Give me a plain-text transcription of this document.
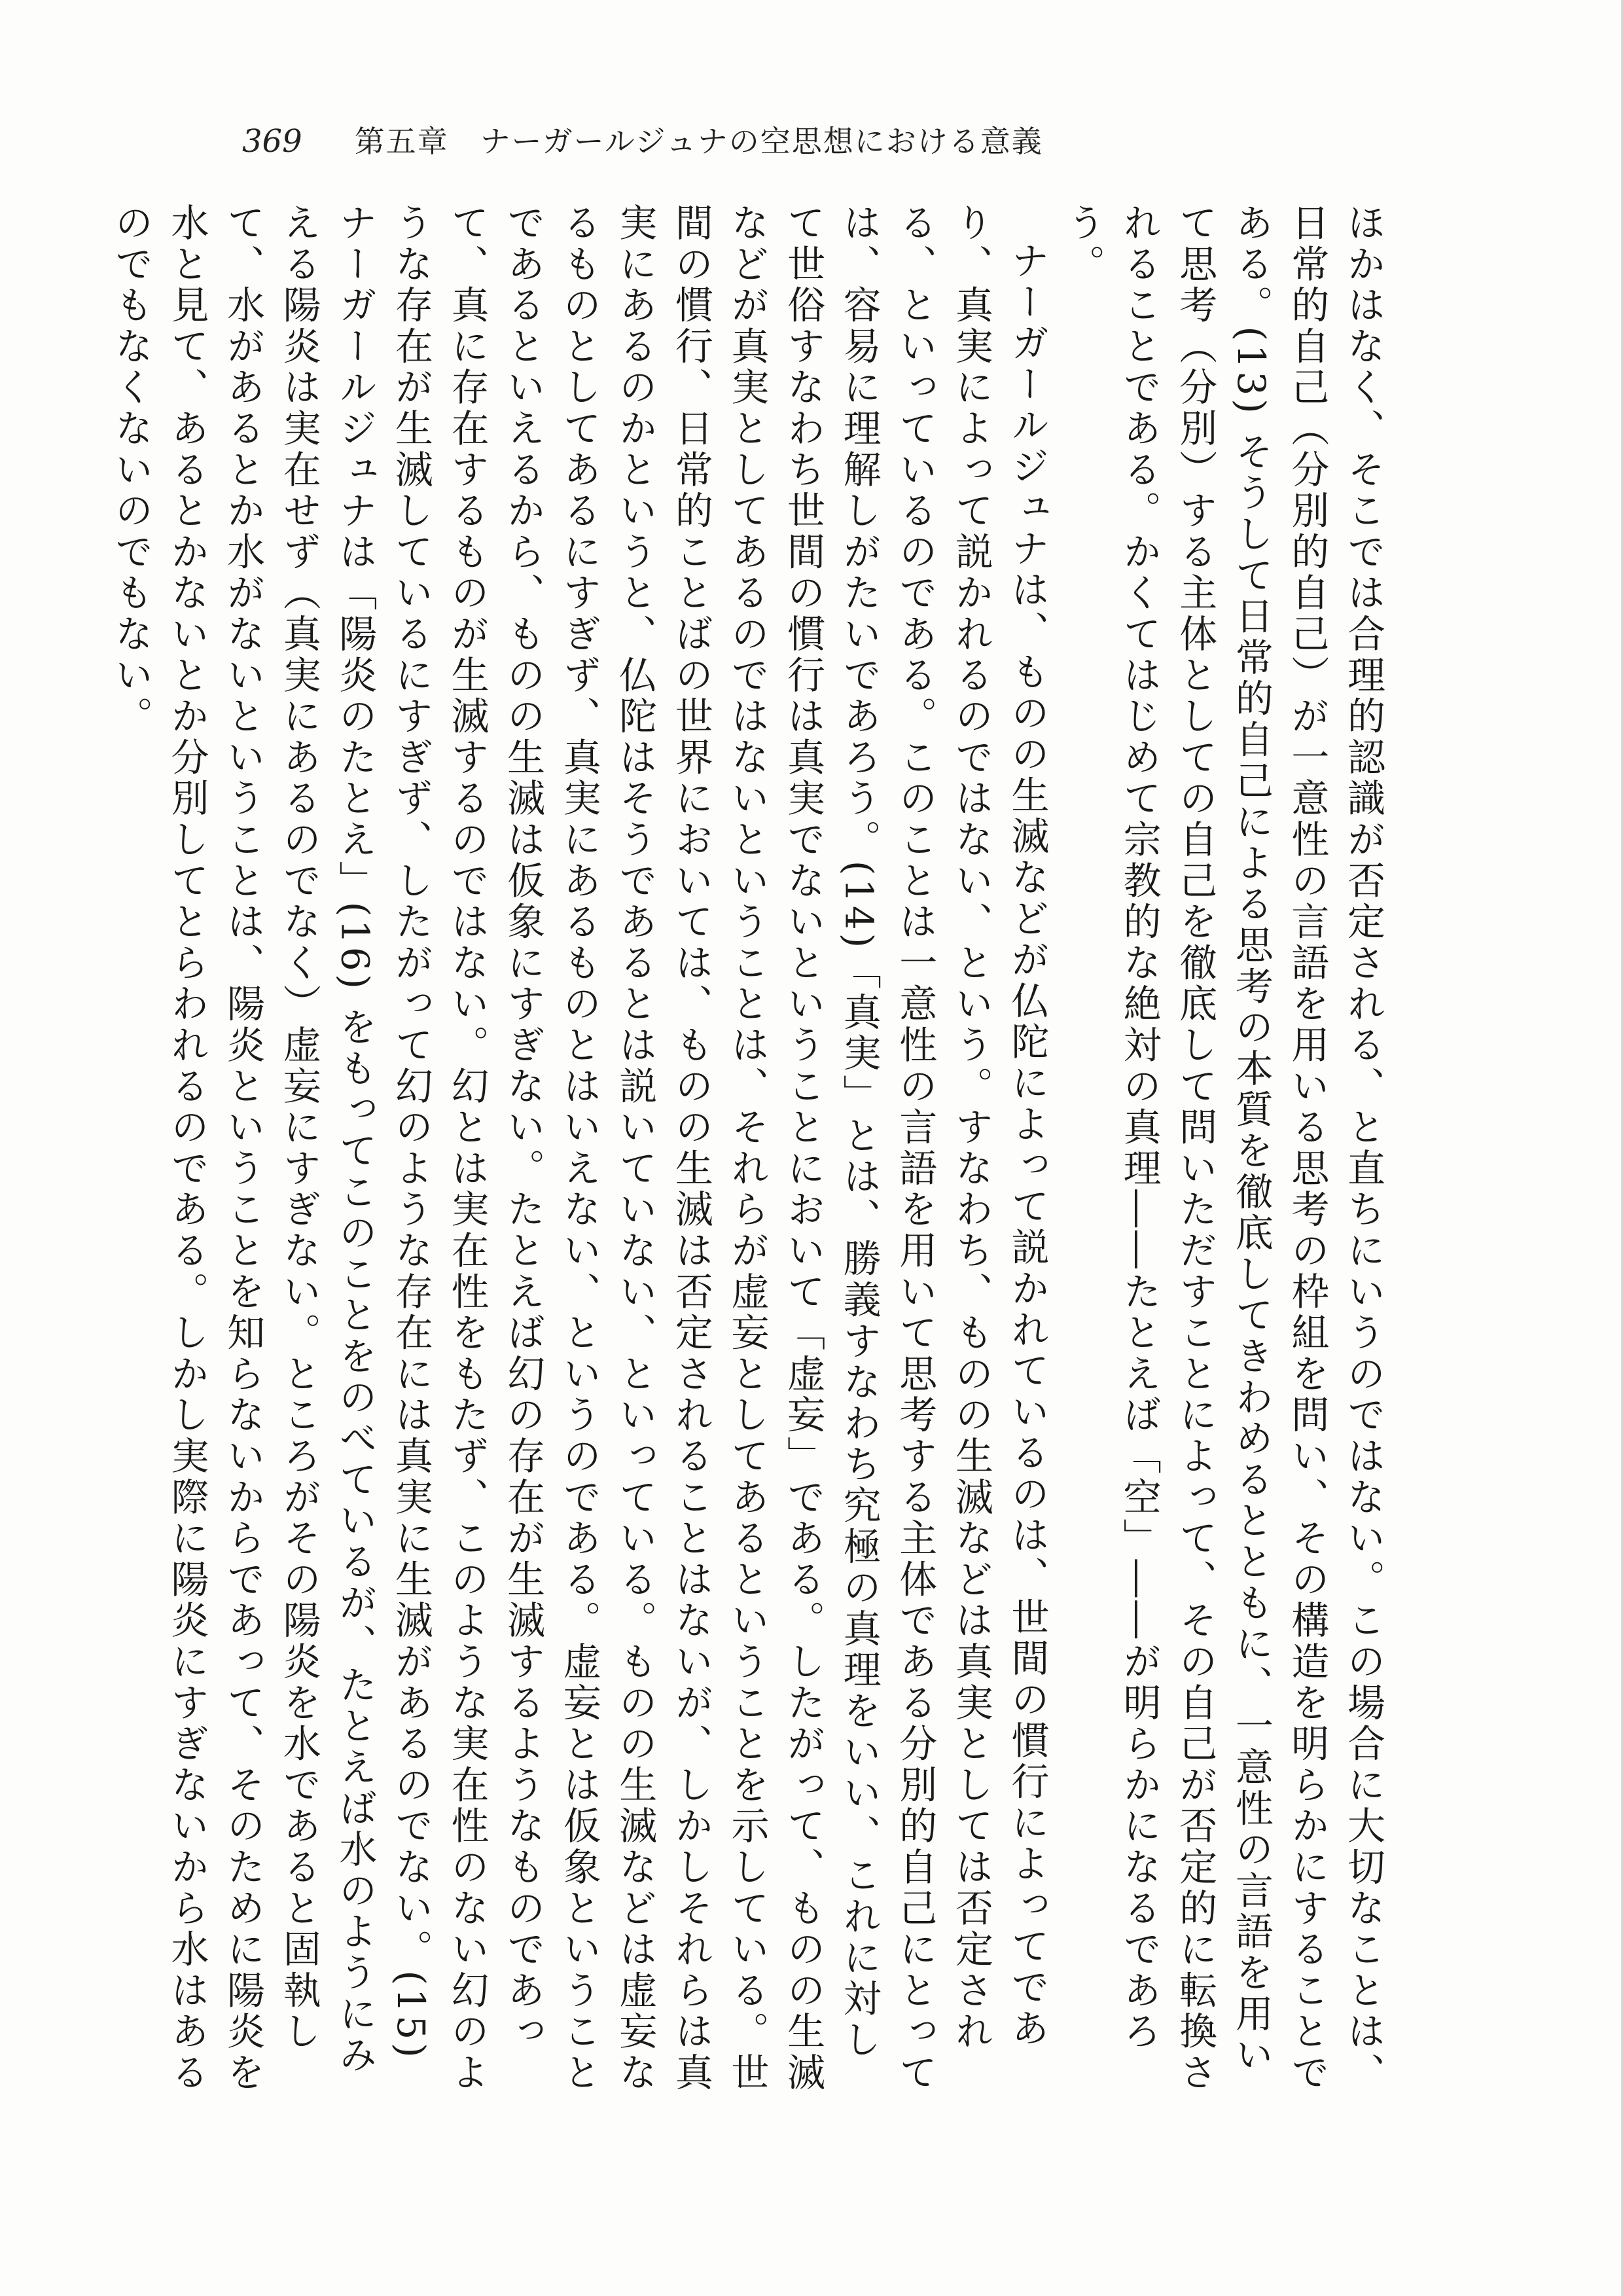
369 第五章　ナーガールジュナの空思想における意義

ほかはなく、そこでは合理的認識が否定される、と直ちにいうのではない。この場合に大切なことは、日常的自己（分別的自己）が一意性の言語を用いる思考の枠組を問い、その構造を明らかにすることである。(13) そうして日常的自己による思考の本質を徹底してきわめるとともに、一意性の言語を用いて思考（分別）する主体としての自己を徹底して問いただすことによって、その自己が否定的に転換されることである。かくてはじめて宗教的な絶対の真理――たとえば「空」――が明らかになるであろう。

ナーガールジュナは、ものの生滅などが仏陀によって説かれているのは、世間の慣行によってであり、真実によって説かれるのではない、という。すなわち、ものの生滅などは真実としては否定される、といっているのである。このことは一意性の言語を用いて思考する主体である分別的自己にとっては、容易に理解しがたいであろう。(14)「真実」とは、勝義すなわち究極の真理をいい、これに対して世俗すなわち世間の慣行は真実でないということにおいて「虚妄」である。したがって、ものの生滅などが真実としてあるのではないということは、それらが虚妄としてあるということを示している。世間の慣行、日常的ことばの世界においては、ものの生滅は否定されることはないが、しかしそれらは真実にあるのかというと、仏陀はそうであるとは説いていない、といっている。ものの生滅などは虚妄なるものとしてあるにすぎず、真実にあるものとはいえない、というのである。虚妄とは仮象ということであるといえるから、ものの生滅は仮象にすぎない。たとえば幻の存在が生滅するようなものであって、真に存在するものが生滅するのではない。幻とは実在性をもたず、このような実在性のない幻のような存在が生滅しているにすぎず、したがって幻のような存在には真実に生滅があるのでない。(15) ナーガールジュナは「陽炎のたとえ」(16) をもってこのことをのべているが、たとえば水のようにみえる陽炎は実在せず（真実にあるのでなく）虚妄にすぎない。ところがその陽炎を水であると固執して、水があるとか水がないということは、陽炎ということを知らないからであって、そのために陽炎を水と見て、あるとかないとか分別してとらわれるのである。しかし実際に陽炎にすぎないから水はあるのでもなくないのでもない。
